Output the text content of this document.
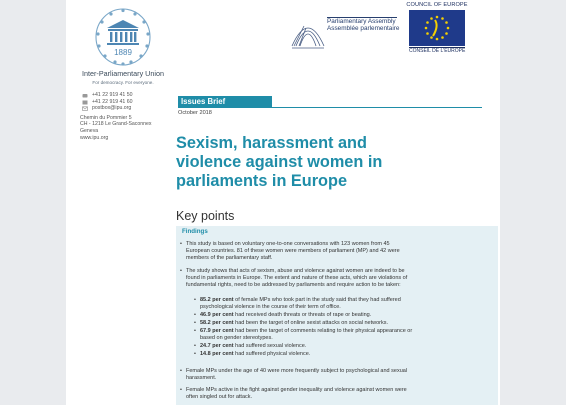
1889
Inter-Parliamentary Union
For democracy. For everyone.
Parliamentary Assembly
Assemblée parlementaire
COUNCIL OF EUROPE
CONSEIL DE L'EUROPE
+41 22 919 41 50
+41 22 919 41 60
postbox@ipu.org
Chemin du Pommier 5
CH - 1218 Le Grand-Saconnex
Geneva
www.ipu.org
Issues Brief
October 2018
Sexism, harassment and
violence against women in
parliaments in Europe
Key points
Findings
• This study is based on voluntary one-to-one conversations with 123 women from 45
European countries. 81 of these women were members of parliament (MP) and 42 were
members of the parliamentary staff.
• The study shows that acts of sexism, abuse and violence against women are indeed to be
found in parliaments in Europe. The extent and nature of these acts, which are violations of
fundamental rights, need to be addressed by parliaments and require action to be taken:
• 85.2 per cent of female MPs who took part in the study said that they had suffered
psychological violence in the course of their term of office.
• 46.9 per cent had received death threats or threats of rape or beating.
• 58.2 per cent had been the target of online sexist attacks on social networks.
• 67.9 per cent had been the target of comments relating to their physical appearance or
based on gender stereotypes.
• 24.7 per cent had suffered sexual violence.
• 14.8 per cent had suffered physical violence.
• Female MPs under the age of 40 were more frequently subject to psychological and sexual
harassment.
• Female MPs active in the fight against gender inequality and violence against women were
often singled out for attack.
